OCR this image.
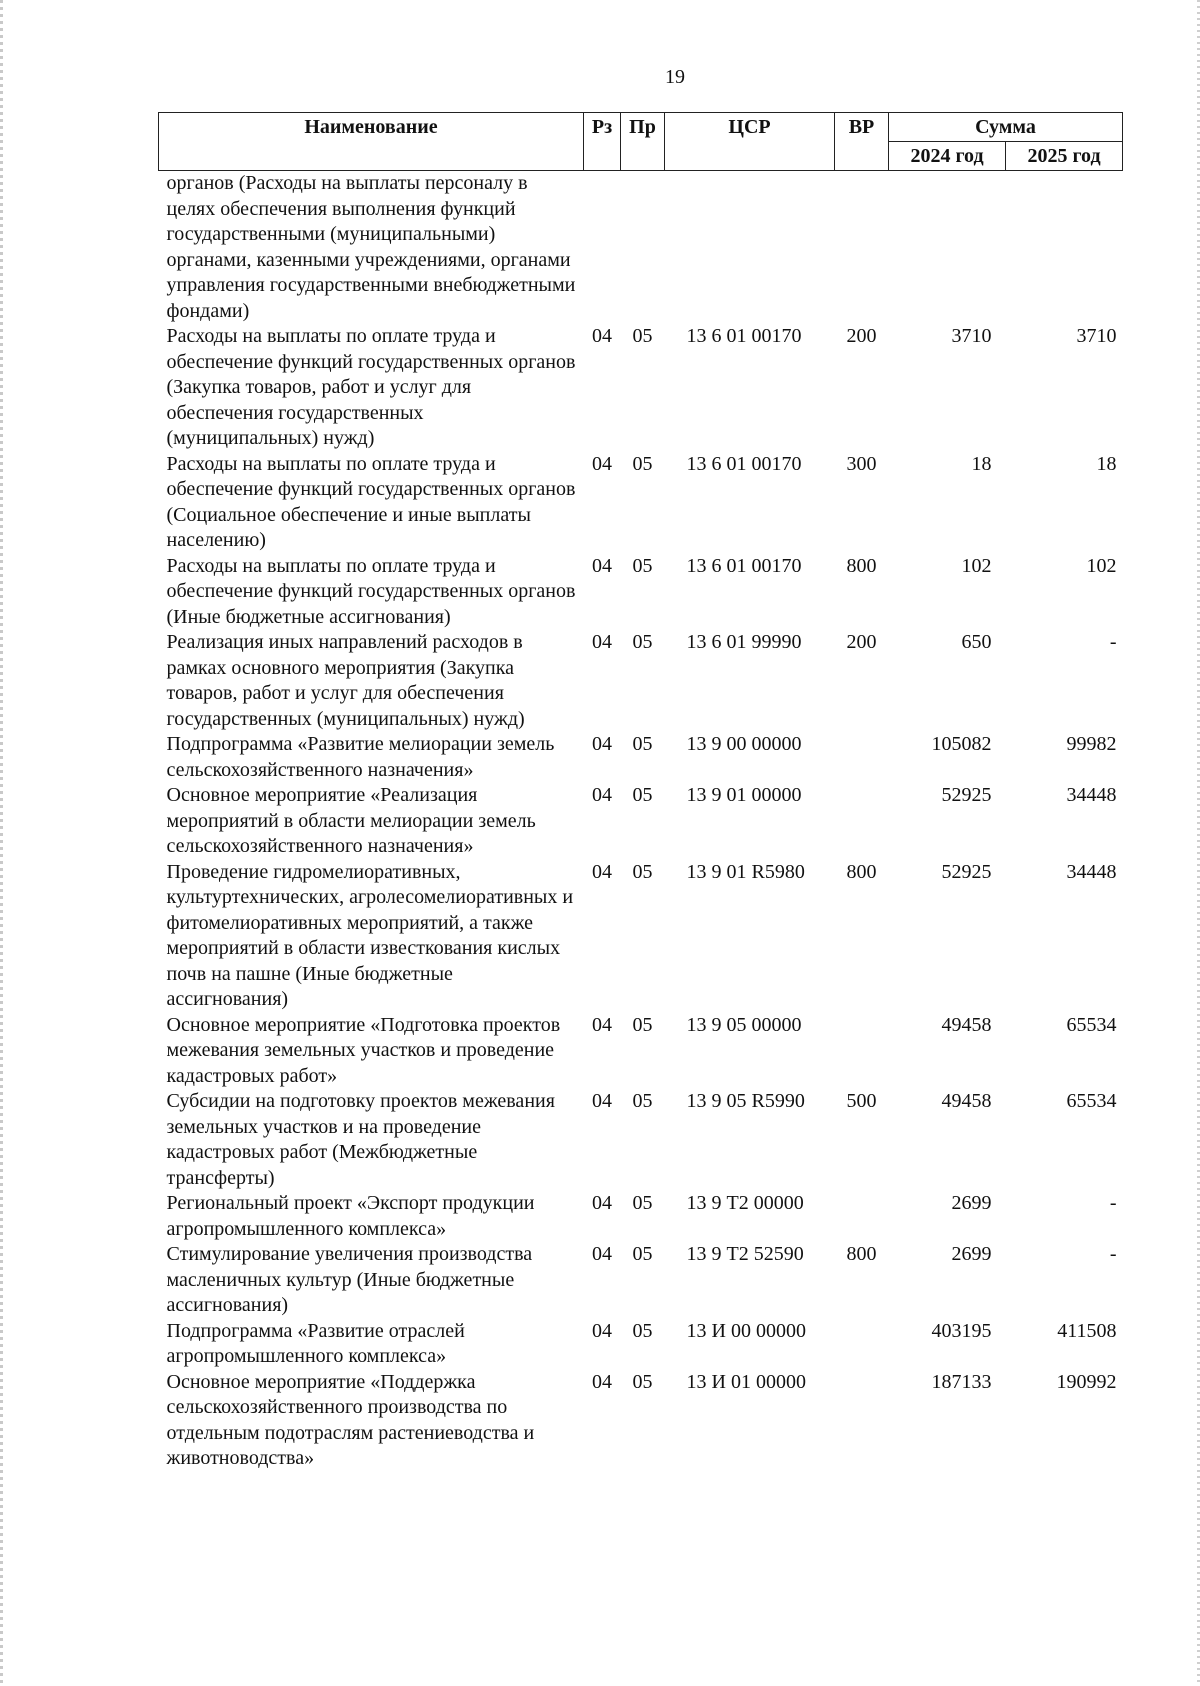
19
Наименование	Рз	Пр	ЦСР	ВР	Сумма	
					2024 год	2025 год
органов (Расходы на выплаты персоналу в целях обеспечения выполнения функций государственными (муниципальными) органами, казенными учреждениями, органами управления государственными внебюджетными фондами)						
Расходы на выплаты по оплате труда и обеспечение функций государственных органов (Закупка товаров, работ и услуг для обеспечения государственных (муниципальных) нужд)	04	05	13 6 01 00170	200	3710	3710
Расходы на выплаты по оплате труда и обеспечение функций государственных органов (Социальное обеспечение и иные выплаты населению)	04	05	13 6 01 00170	300	18	18
Расходы на выплаты по оплате труда и обеспечение функций государственных органов (Иные бюджетные ассигнования)	04	05	13 6 01 00170	800	102	102
Реализация иных направлений расходов в рамках основного мероприятия (Закупка товаров, работ и услуг для обеспечения государственных (муниципальных) нужд)	04	05	13 6 01 99990	200	650	-
Подпрограмма «Развитие мелиорации земель сельскохозяйственного назначения»	04	05	13 9 00 00000		105082	99982
Основное мероприятие «Реализация мероприятий в области мелиорации земель сельскохозяйственного назначения»	04	05	13 9 01 00000		52925	34448
Проведение гидромелиоративных, культуртехнических, агролесомелиоративных и фитомелиоративных мероприятий, а также мероприятий в области известкования кислых почв на пашне (Иные бюджетные ассигнования)	04	05	13 9 01 R5980	800	52925	34448
Основное мероприятие «Подготовка проектов межевания земельных участков и проведение кадастровых работ»	04	05	13 9 05 00000		49458	65534
Субсидии на подготовку проектов межевания земельных участков и на проведение кадастровых работ (Межбюджетные трансферты)	04	05	13 9 05 R5990	500	49458	65534
Региональный проект «Экспорт продукции агропромышленного комплекса»	04	05	13 9 Т2 00000		2699	-
Стимулирование увеличения производства масленичных культур (Иные бюджетные ассигнования)	04	05	13 9 Т2 52590	800	2699	-
Подпрограмма «Развитие отраслей агропромышленного комплекса»	04	05	13 И 00 00000		403195	411508
Основное мероприятие «Поддержка сельскохозяйственного производства по отдельным подотраслям растениеводства и животноводства»	04	05	13 И 01 00000		187133	190992
